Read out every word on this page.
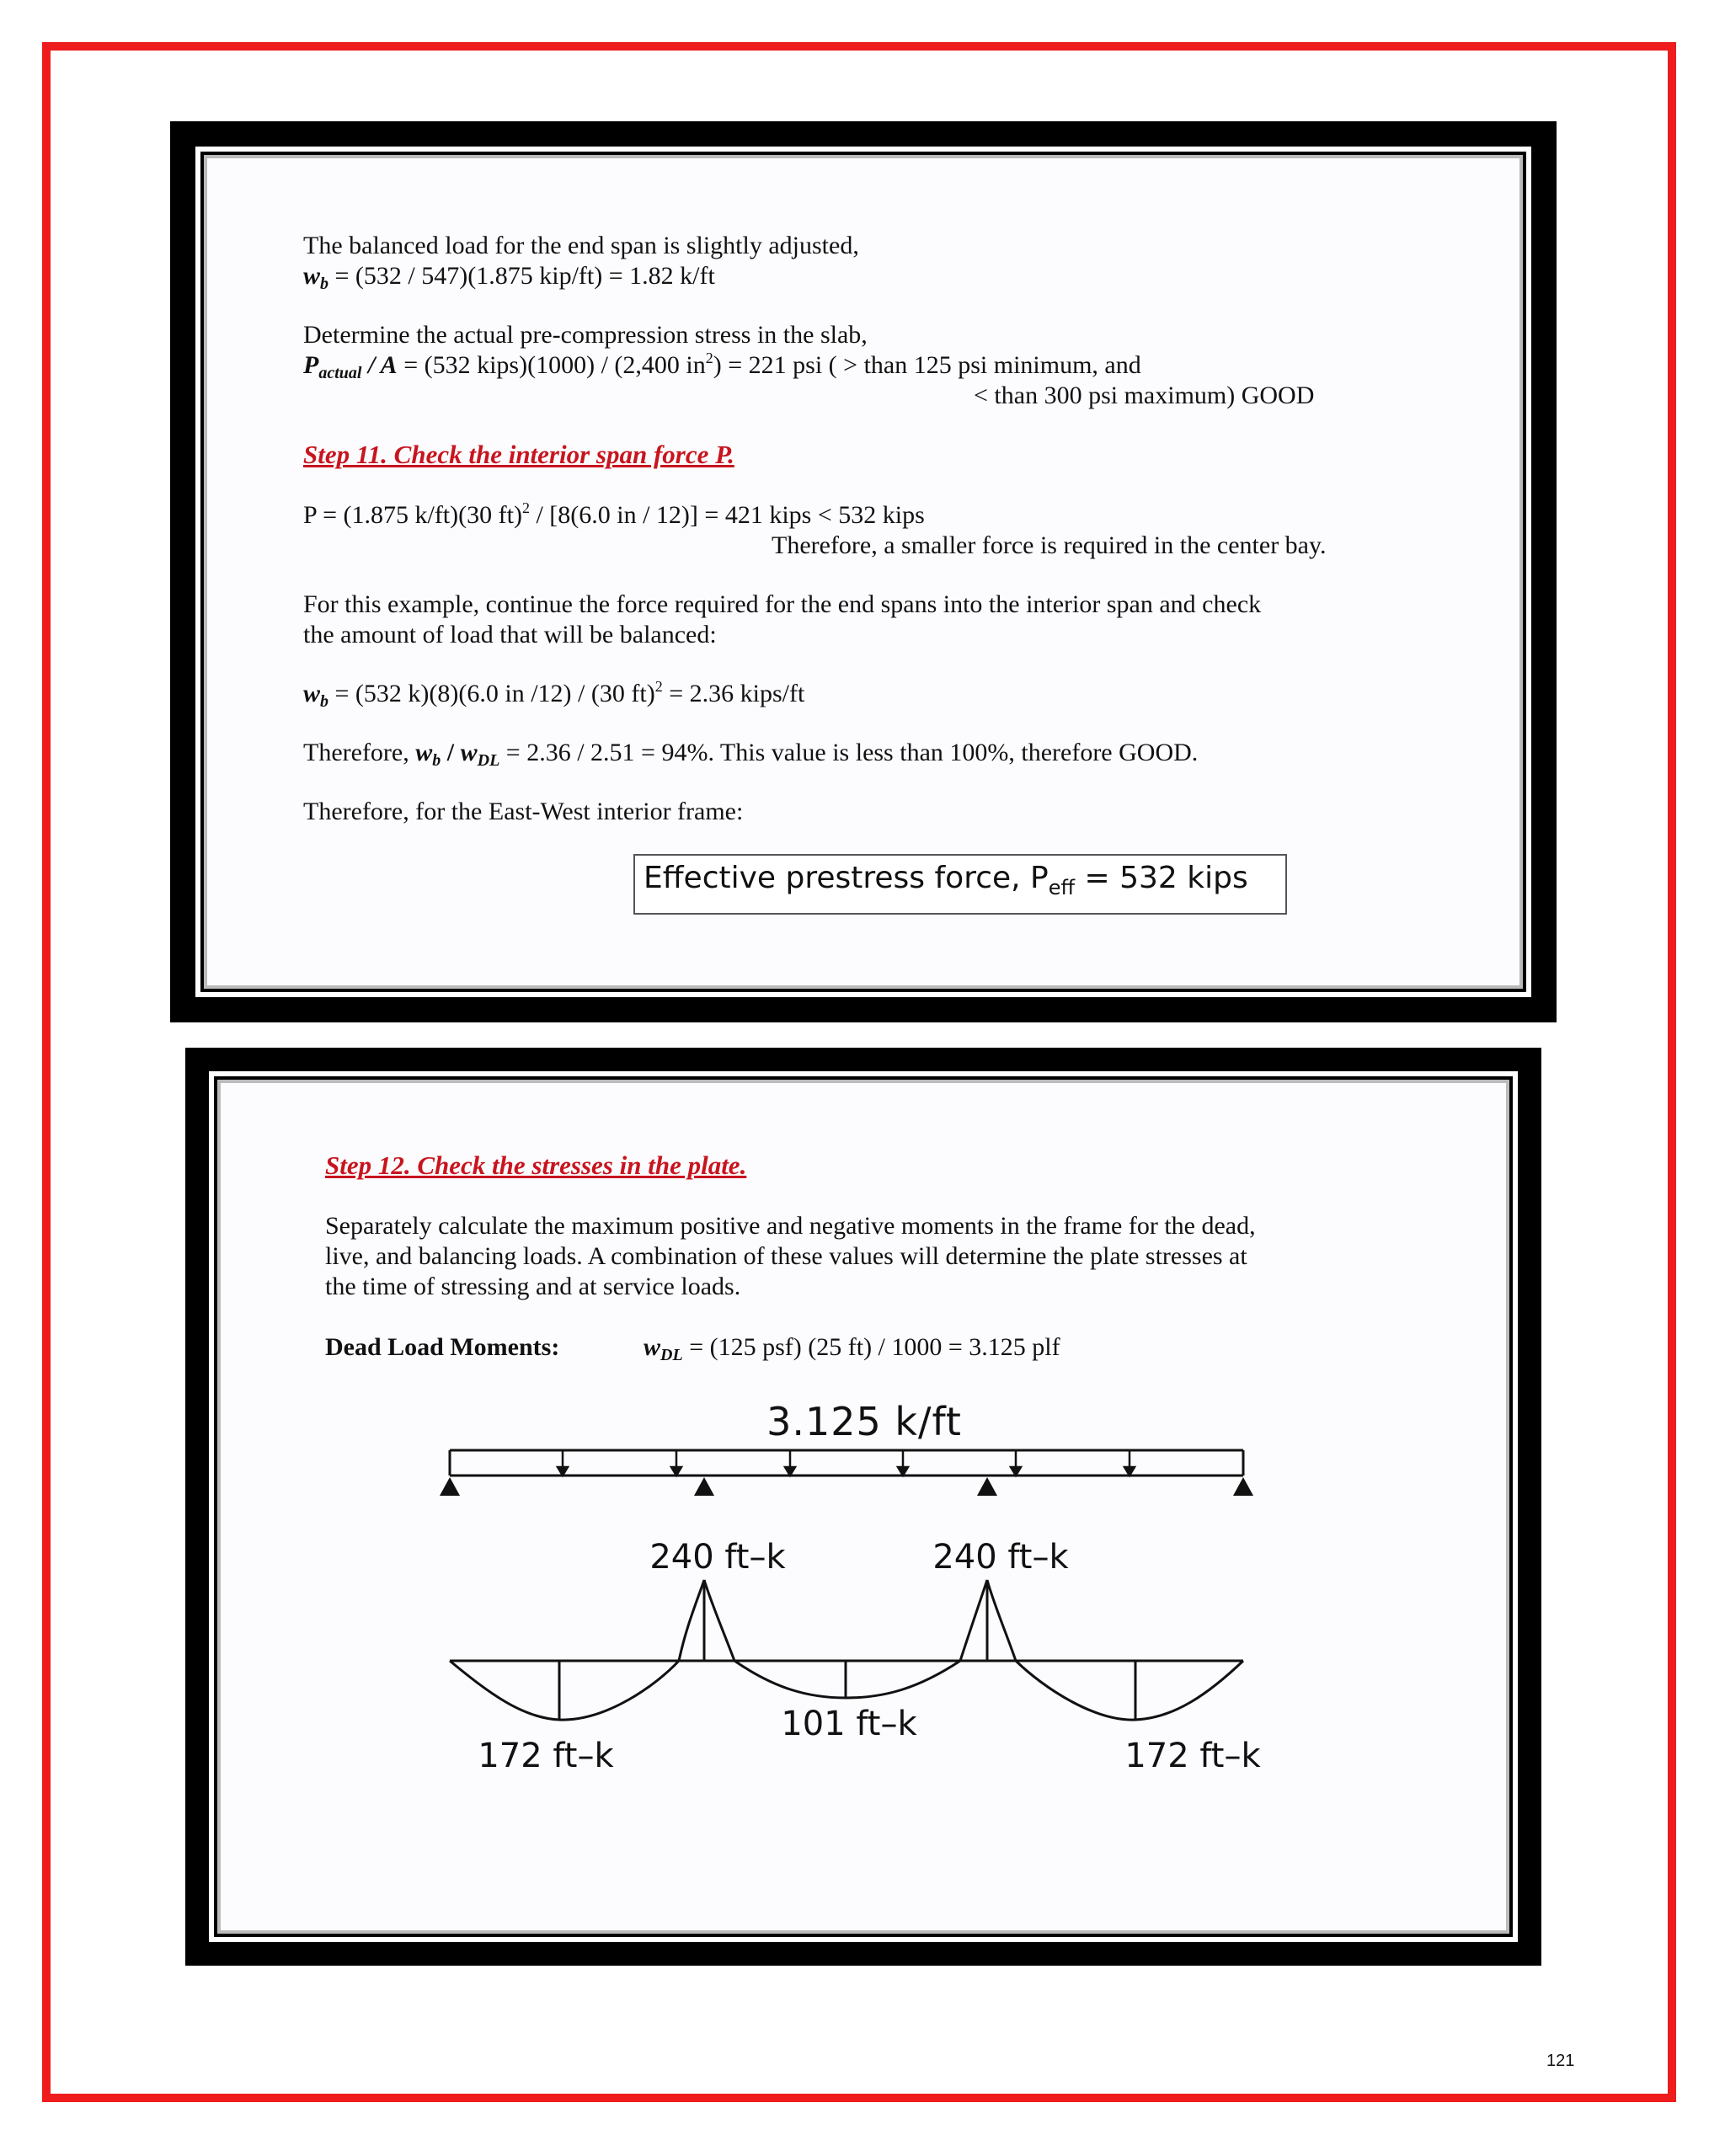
The balanced load for the end span is slightly adjusted,
$w_b = (532 / 547)(1.875$ kip/ft) = 1.82 k/ft
Determine the actual pre-compression stress in the slab,
$P_{actual} / A = (532$ kips)(1000) / (2,400 $in^2) = 221$ psi ( > than 125 psi minimum, and
< than 300 psi maximum) GOOD
Step 11. Check the interior span force P.
P = (1.875 k/ft)(30 ft)$^2$ / [8(6.0 in / 12)] = 421 kips < 532 kips
Therefore, a smaller force is required in the center bay.
For this example, continue the force required for the end spans into the interior span and check
the amount of load that will be balanced:
$w_b = (532$ k)(8)(6.0 in /12) / (30 ft)$^2$ = 2.36 kips/ft
Therefore, $w_b / w_{DL} = 2.36 / 2.51 = 94\%$. This value is less than 100%, therefore GOOD.
Therefore, for the East-West interior frame:
Effective prestress force, $P_{eff} = 532$ kips
Step 12. Check the stresses in the plate.
Separately calculate the maximum positive and negative moments in the frame for the dead,
live, and balancing loads. A combination of these values will determine the plate stresses at
the time of stressing and at service loads.
Dead Load Moments:	$w_{DL} = (125$ psf) (25 ft) / 1000 = 3.125 plf
3.125 k/ft
240 ft–k	240 ft–k
172 ft–k
101 ft–k
172 ft–k
121
